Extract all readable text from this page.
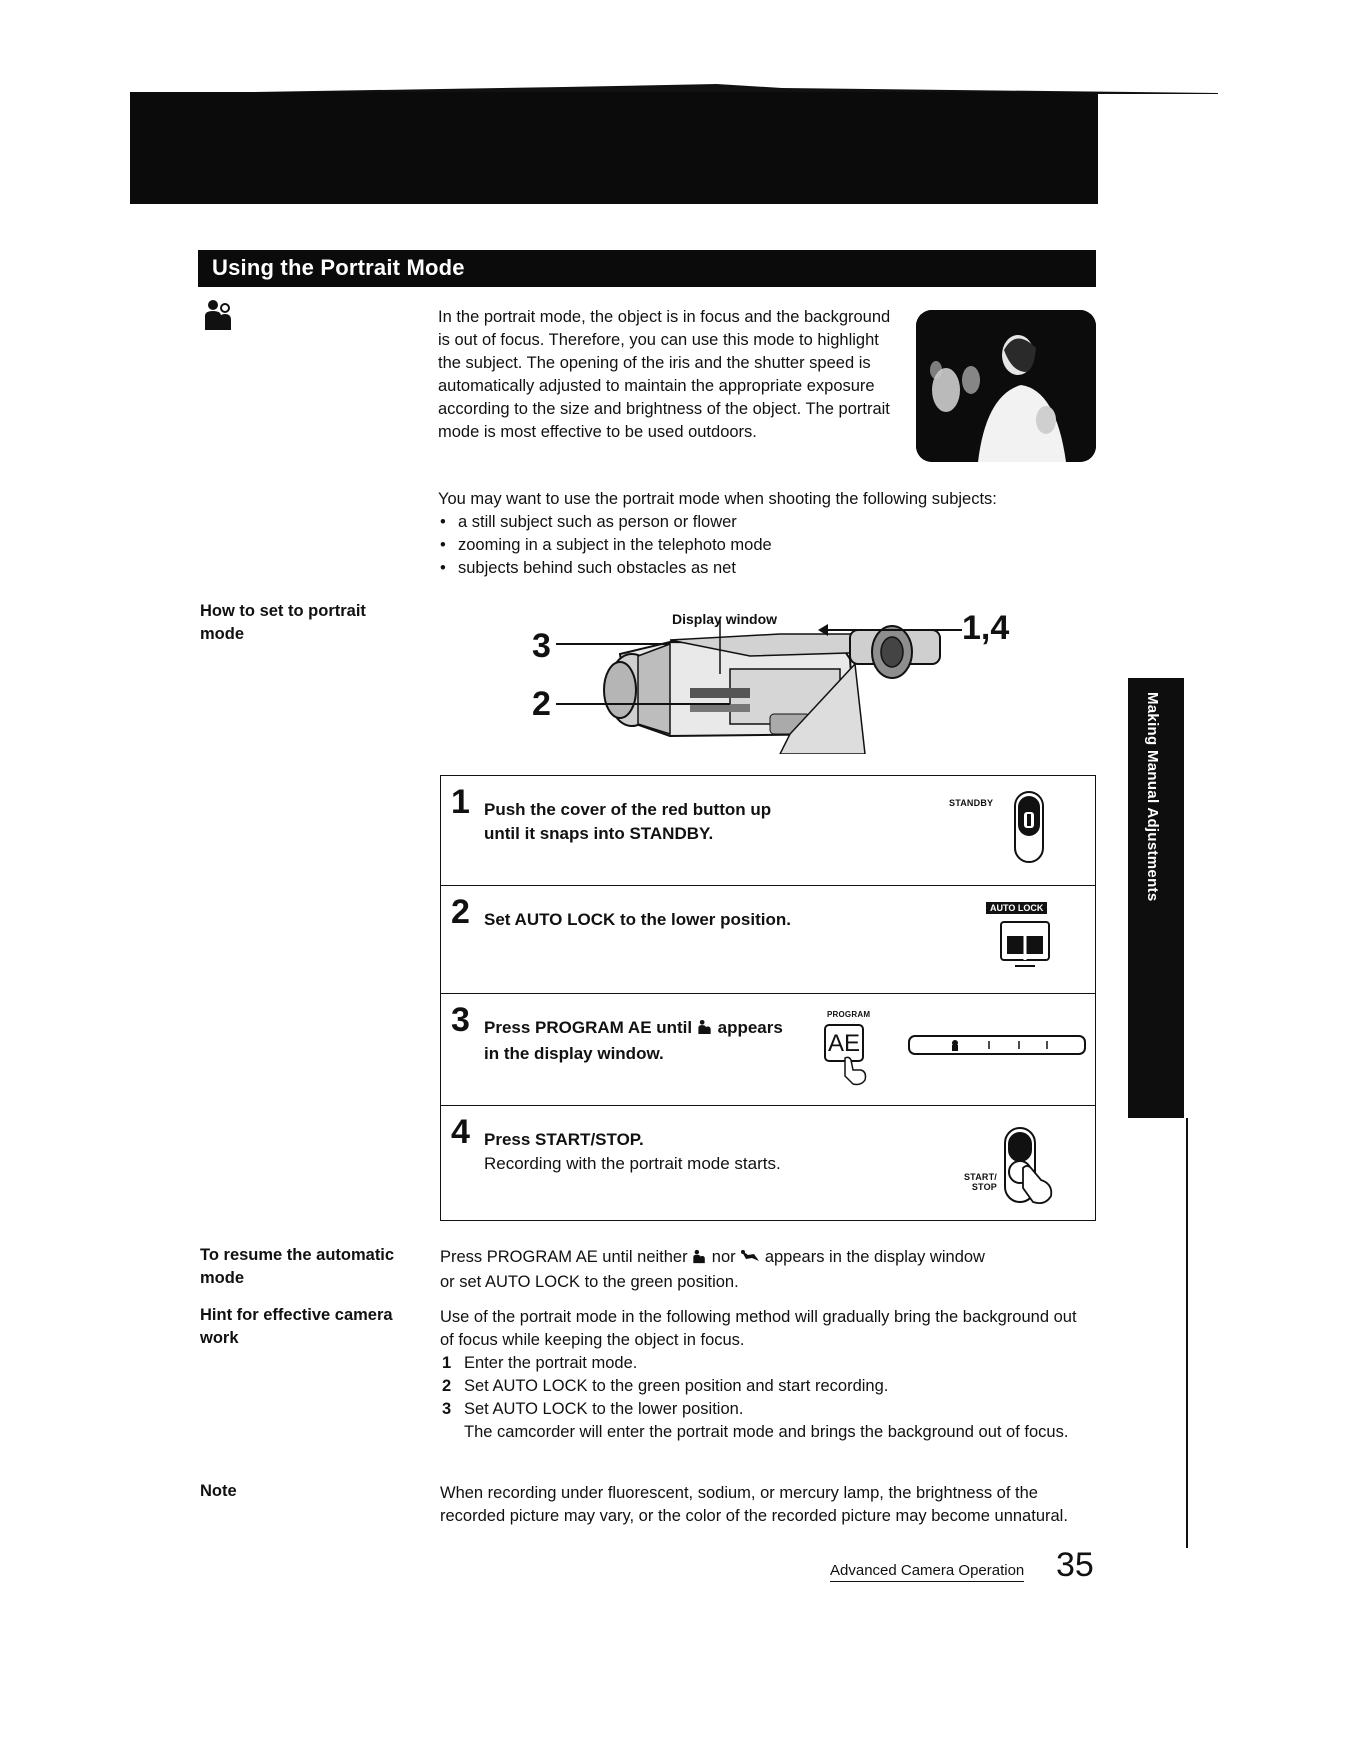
Using the Portrait Mode
In the portrait mode, the object is in focus and the background is out of focus. Therefore, you can use this mode to highlight the subject. The opening of the iris and the shutter speed is automatically adjusted to maintain the appropriate exposure according to the size and brightness of the object. The portrait mode is most effective to be used outdoors.
You may want to use the portrait mode when shooting the following subjects:
• a still subject such as person or flower
• zooming in a subject in the telephoto mode
• subjects behind such obstacles as net
How to set to portrait mode	3
2
1,4
Display window
1 Push the cover of the red button up
until it snaps into STANDBY.
STANDBY
2 Set AUTO LOCK to the lower position.
AUTO LOCK
3 Press PROGRAM AE until appears
in the display window.
PROGRAM
AE
4 Press START/STOP.
Recording with the portrait mode starts.
START/
STOP
Making Manual Adjustments
To resume the automatic mode
Press PROGRAM AE until neither nor appears in the display window
or set AUTO LOCK to the green position.
Hint for effective camera work
Use of the portrait mode in the following method will gradually bring the background out of focus while keeping the object in focus.
1 Enter the portrait mode.
2 Set AUTO LOCK to the green position and start recording.
3 Set AUTO LOCK to the lower position.
The camcorder will enter the portrait mode and brings the background out of focus.
Note	When recording under fluorescent, sodium, or mercury lamp, the brightness of the recorded picture may vary, or the color of the recorded picture may become unnatural.
Advanced Camera Operation 35
